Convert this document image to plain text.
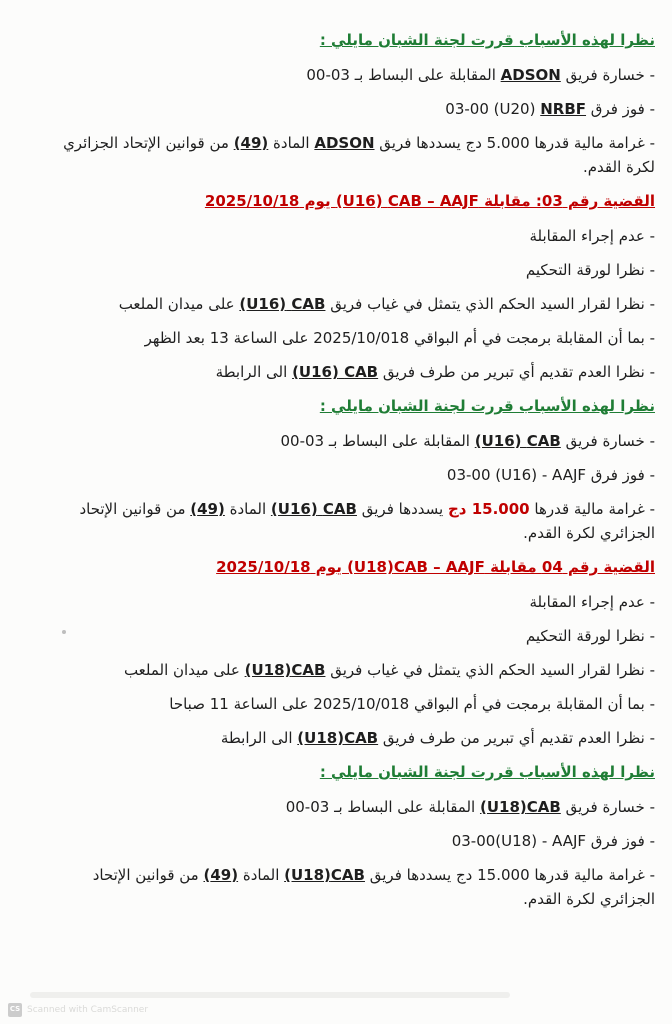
نظرا لهذه الأسباب قررت لجنة الشبان مايلي :

- خسارة فريق ADSON المقابلة على البساط بـ 03-00

- فوز فرق NRBF (U20) 00-03

- غرامة مالية قدرها 5.000 دج يسددها فريق ADSON المادة (49) من قوانين الإتحاد الجزائري لكرة القدم.

القضية رقم 03: مقابلة CAB – AAJF (U16) يوم 2025/10/18

- عدم إجراء المقابلة

- نظرا لورقة التحكيم

- نظرا لقرار السيد الحكم الذي يتمثل في غياب فريق CAB (U16) على ميدان الملعب

- بما أن المقابلة برمجت في أم البواقي 2025/10/018 على الساعة 13 بعد الظهر

- نظرا العدم تقديم أي تبرير من طرف فريق CAB (U16) الى الرابطة

نظرا لهذه الأسباب قررت لجنة الشبان مايلي :

- خسارة فريق CAB (U16) المقابلة على البساط بـ 03-00

- فوز فرق AAJF - (U16) 00-03

- غرامة مالية قدرها 15.000 دج يسددها فريق CAB (U16) المادة (49) من قوانين الإتحاد الجزائري لكرة القدم.

القضية رقم 04 مقابلة CAB – AAJF(U18) يوم 2025/10/18

- عدم إجراء المقابلة

- نظرا لورقة التحكيم

- نظرا لقرار السيد الحكم الذي يتمثل في غياب فريق CAB(U18) على ميدان الملعب

- بما أن المقابلة برمجت في أم البواقي 2025/10/018 على الساعة 11 صباحا

- نظرا العدم تقديم أي تبرير من طرف فريق CAB(U18) الى الرابطة

نظرا لهذه الأسباب قررت لجنة الشبان مايلي :

- خسارة فريق CAB(U18) المقابلة على البساط بـ 03-00

- فوز فرق AAJF - (U18)00-03

- غرامة مالية قدرها 15.000 دج يسددها فريق CAB(U18) المادة (49) من قوانين الإتحاد الجزائري لكرة القدم.

CS Scanned with CamScanner
